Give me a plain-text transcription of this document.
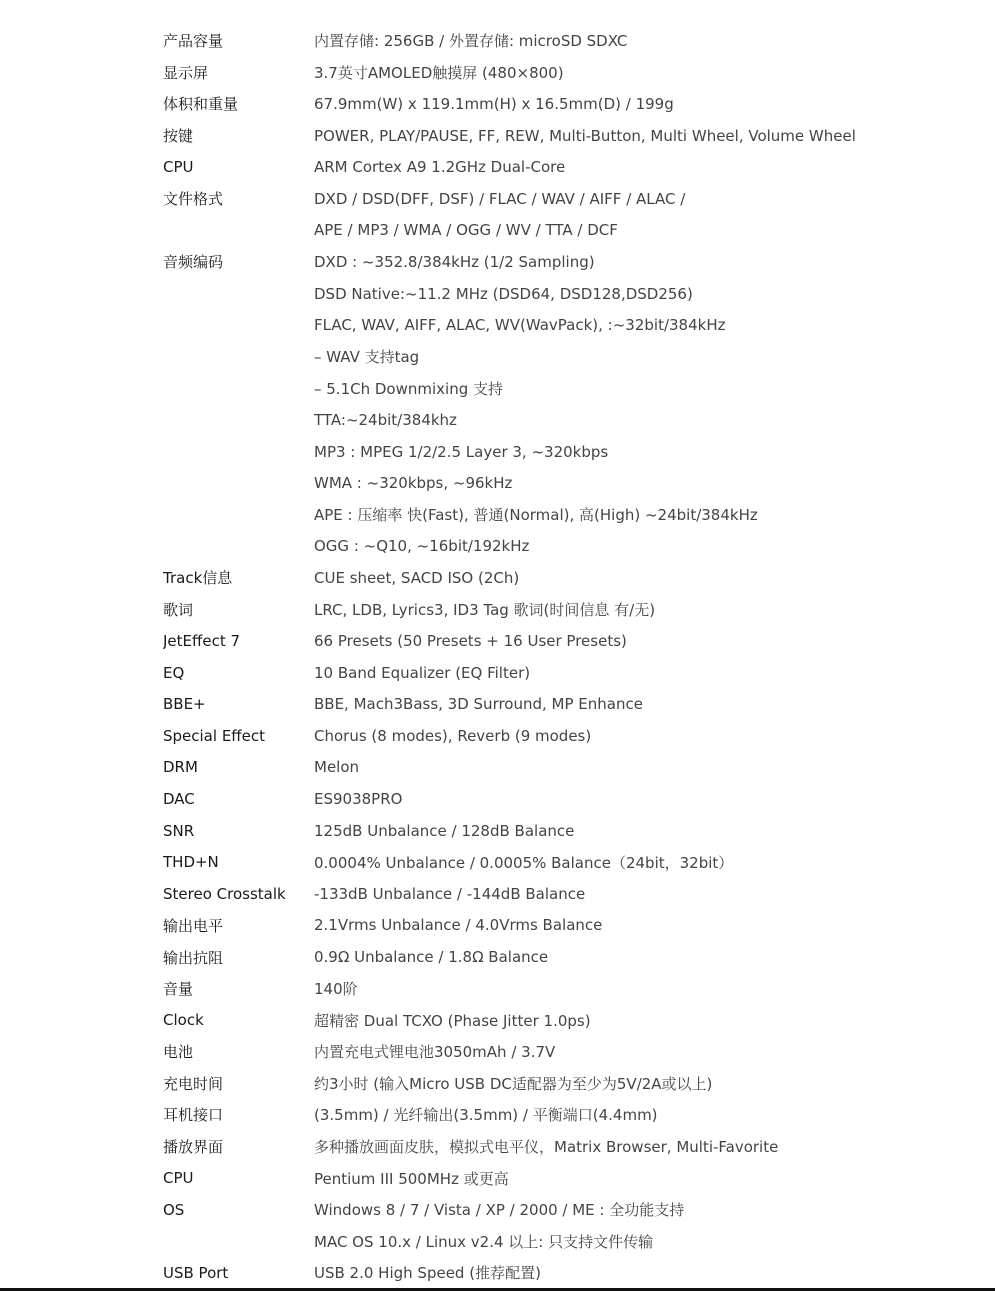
产品容量	内置存储: 256GB / 外置存储: microSD SDXC
显示屏	3.7英寸AMOLED触摸屏 (480×800)
体积和重量	67.9mm(W) x 119.1mm(H) x 16.5mm(D) / 199g
按键	POWER, PLAY/PAUSE, FF, REW, Multi-Button, Multi Wheel, Volume Wheel
CPU	ARM Cortex A9 1.2GHz Dual-Core
文件格式	DXD / DSD(DFF, DSF) / FLAC / WAV / AIFF / ALAC /
APE / MP3 / WMA / OGG / WV / TTA / DCF
音频编码	DXD : ~352.8/384kHz (1/2 Sampling)
DSD Native:~11.2 MHz (DSD64, DSD128,DSD256)
FLAC, WAV, AIFF, ALAC, WV(WavPack), :~32bit/384kHz
– WAV 支持tag
– 5.1Ch Downmixing 支持
TTA:~24bit/384khz
MP3 : MPEG 1/2/2.5 Layer 3, ~320kbps
WMA : ~320kbps, ~96kHz
APE : 压缩率 快(Fast), 普通(Normal), 高(High) ~24bit/384kHz
OGG : ~Q10, ~16bit/192kHz
Track信息	CUE sheet, SACD ISO (2Ch)
歌词	LRC, LDB, Lyrics3, ID3 Tag 歌词(时间信息 有/无)
JetEffect 7	66 Presets (50 Presets + 16 User Presets)
EQ	10 Band Equalizer (EQ Filter)
BBE+	BBE, Mach3Bass, 3D Surround, MP Enhance
Special Effect	Chorus (8 modes), Reverb (9 modes)
DRM	Melon
DAC	ES9038PRO
SNR	125dB Unbalance / 128dB Balance
THD+N	0.0004% Unbalance / 0.0005% Balance（24bit，32bit）
Stereo Crosstalk	-133dB Unbalance / -144dB Balance
输出电平	2.1Vrms Unbalance / 4.0Vrms Balance
输出抗阻	0.9Ω Unbalance / 1.8Ω Balance
音量	140阶
Clock	超精密 Dual TCXO (Phase Jitter 1.0ps)
电池	内置充电式锂电池3050mAh / 3.7V
充电时间	约3小时 (输入Micro USB DC适配器为至少为5V/2A或以上)
耳机接口	(3.5mm) / 光纤输出(3.5mm) / 平衡端口(4.4mm)
播放界面	多种播放画面皮肤，模拟式电平仪，Matrix Browser, Multi-Favorite
CPU	Pentium III 500MHz 或更高
OS	Windows 8 / 7 / Vista / XP / 2000 / ME : 全功能支持
MAC OS 10.x / Linux v2.4 以上: 只支持文件传输
USB Port	USB 2.0 High Speed (推荐配置)
